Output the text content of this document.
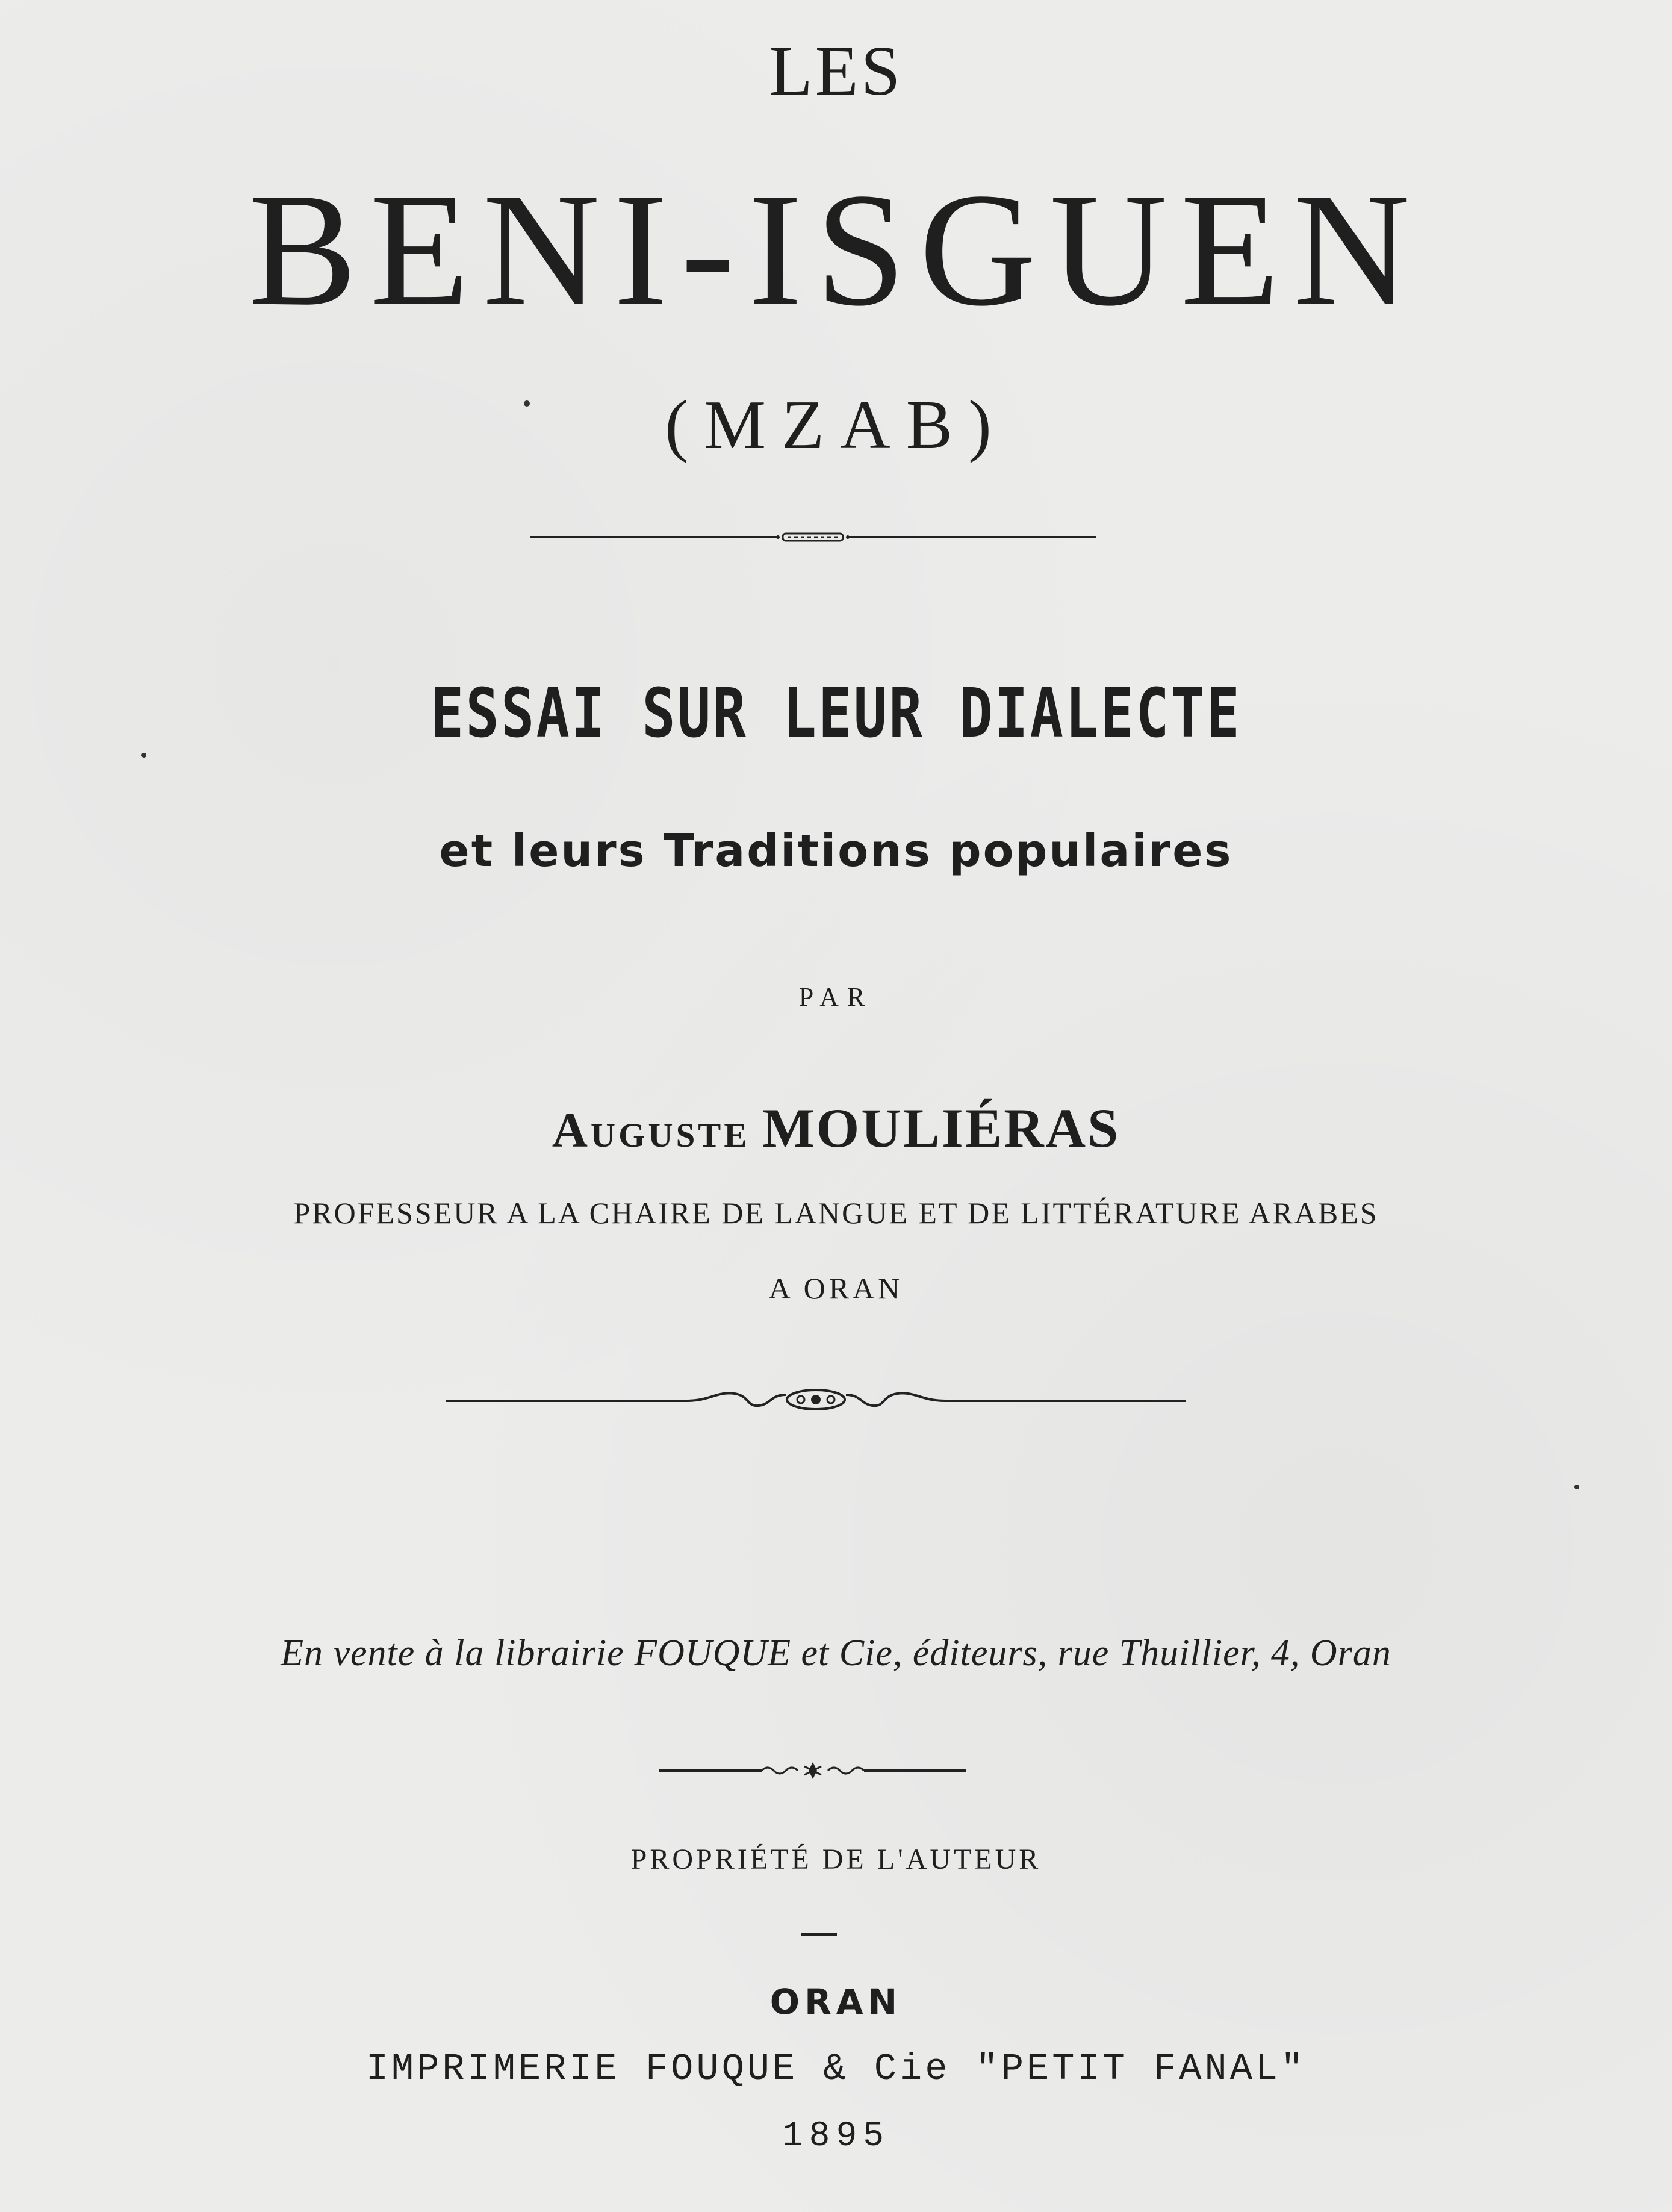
LES
BENI-ISGUEN
(MZAB)
ESSAI SUR LEUR DIALECTE
et leurs Traditions populaires
PAR
Auguste MOULIÉRAS
PROFESSEUR A LA CHAIRE DE LANGUE ET DE LITTÉRATURE ARABES
A ORAN
En vente à la librairie FOUQUE et Cie, éditeurs, rue Thuillier, 4, Oran
PROPRIÉTÉ DE L'AUTEUR
ORAN
IMPRIMERIE FOUQUE & Cie "PETIT FANAL"
1895
